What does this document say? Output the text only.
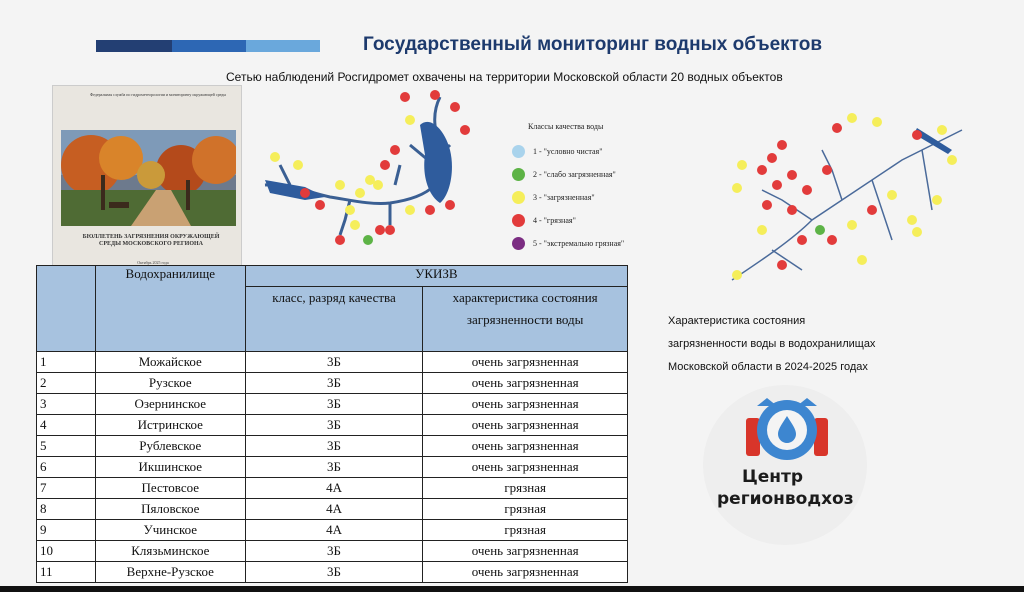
Государственный мониторинг водных объектов
Сетью наблюдений Росгидромет охвачены на территории Московской области 20 водных объектов
Федеральная служба по гидрометеорологии и мониторингу окружающей среды
БЮЛЛЕТЕНЬ ЗАГРЯЗНЕНИЯ ОКРУЖАЮЩЕЙ СРЕДЫ МОСКОВСКОГО РЕГИОНА
Октябрь 2025 года
Классы качества воды
1 - "условно чистая"
2 - "слабо загрязненная"
3 - "загрязненная"
4 - "грязная"
5 - "экстремально грязная"
	Водохранилище	УКИЗВ	
		класс, разряд качества	характеристика состояния загрязненности воды
1	Можайское	3Б	очень загрязненная
2	Рузское	3Б	очень загрязненная
3	Озернинское	3Б	очень загрязненная
4	Истринское	3Б	очень загрязненная
5	Рублевское	3Б	очень загрязненная
6	Икшинское	3Б	очень загрязненная
7	Пестовсое	4А	грязная
8	Пяловское	4А	грязная
9	Учинское	4А	грязная
10	Клязьминское	3Б	очень загрязненная
11	Верхне-Рузское	3Б	очень загрязненная
Характеристика состояния
загрязненности воды в водохранилищах
Московской области в 2024-2025 годах
Центр
регионводхоз
